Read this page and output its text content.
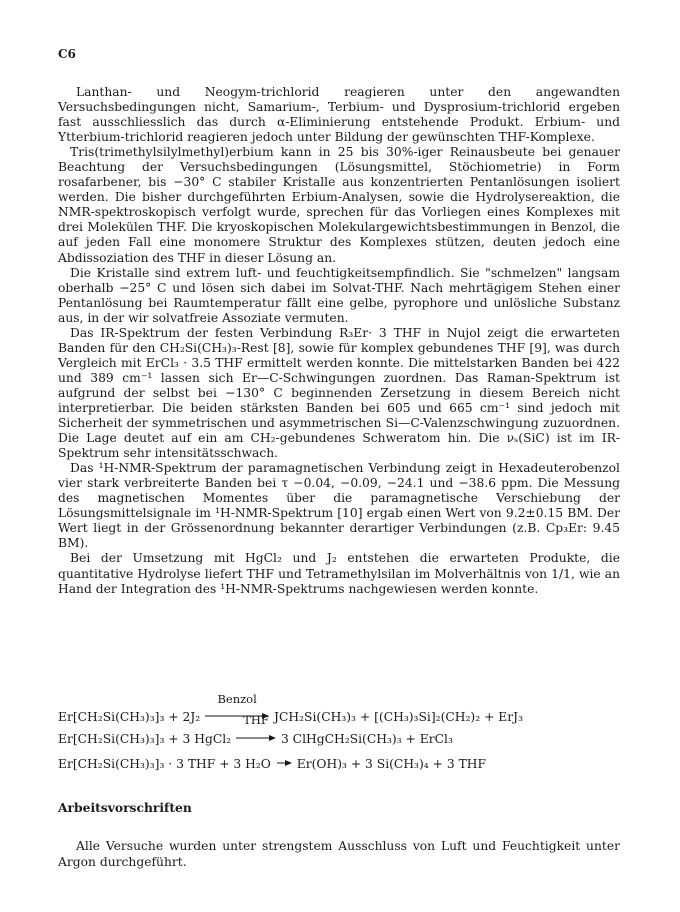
C6

Lanthan- und Neogym-trichlorid reagieren unter den angewandten Versuchsbedingungen nicht, Samarium-, Terbium- und Dysprosium-trichlorid ergeben fast ausschliesslich das durch α-Eliminierung entstehende Produkt. Erbium- und Ytterbium-trichlorid reagieren jedoch unter Bildung der gewünschten THF-Komplexe.

Tris(trimethylsilylmethyl)erbium kann in 25 bis 30%-iger Reinausbeute bei genauer Beachtung der Versuchsbedingungen (Lösungsmittel, Stöchiometrie) in Form rosafarbener, bis −30° C stabiler Kristalle aus konzentrierten Pentanlösungen isoliert werden. Die bisher durchgeführten Erbium-Analysen, sowie die Hydrolysereaktion, die NMR-spektroskopisch verfolgt wurde, sprechen für das Vorliegen eines Komplexes mit drei Molekülen THF. Die kryoskopischen Molekulargewichtsbestimmungen in Benzol, die auf jeden Fall eine monomere Struktur des Komplexes stützen, deuten jedoch eine Abdissoziation des THF in dieser Lösung an.

Die Kristalle sind extrem luft- und feuchtigkeitsempfindlich. Sie "schmelzen" langsam oberhalb −25° C und lösen sich dabei im Solvat-THF. Nach mehrtägigem Stehen einer Pentanlösung bei Raumtemperatur fällt eine gelbe, pyrophore und unlösliche Substanz aus, in der wir solvatfreie Assoziate vermuten.

Das IR-Spektrum der festen Verbindung R₃Er· 3 THF in Nujol zeigt die erwarteten Banden für den CH₂Si(CH₃)₃-Rest [8], sowie für komplex gebundenes THF [9], was durch Vergleich mit ErCl₃ · 3.5 THF ermittelt werden konnte. Die mittelstarken Banden bei 422 und 389 cm⁻¹ lassen sich Er—C-Schwingungen zuordnen. Das Raman-Spektrum ist aufgrund der selbst bei −130° C beginnenden Zersetzung in diesem Bereich nicht interpretierbar. Die beiden stärksten Banden bei 605 und 665 cm⁻¹ sind jedoch mit Sicherheit der symmetrischen und asymmetrischen Si—C-Valenzschwingung zuzuordnen. Die Lage deutet auf ein am CH₂-gebundenes Schweratom hin. Die νₛ(SiC) ist im IR-Spektrum sehr intensitätsschwach.

Das ¹H-NMR-Spektrum der paramagnetischen Verbindung zeigt in Hexadeuterobenzol vier stark verbreiterte Banden bei τ −0.04, −0.09, −24.1 und −38.6 ppm. Die Messung des magnetischen Momentes über die paramagnetische Verschiebung der Lösungsmittelsignale im ¹H-NMR-Spektrum [10] ergab einen Wert von 9.2±0.15 BM. Der Wert liegt in der Grössenordnung bekannter derartiger Verbindungen (z.B. Cp₃Er: 9.45 BM).

Bei der Umsetzung mit HgCl₂ und J₂ entstehen die erwarteten Produkte, die quantitative Hydrolyse liefert THF und Tetramethylsilan im Molverhältnis von 1/1, wie an Hand der Integration des ¹H-NMR-Spektrums nachgewiesen werden konnte.

Er[CH₂Si(CH₃)₃]₃ + 2J₂
Benzol
JCH₂Si(CH₃)₃ + [(CH₃)₃Si]₂(CH₂)₂ + ErJ₃
Er[CH₂Si(CH₃)₃]₃ + 3 HgCl₂
THF
3 ClHgCH₂Si(CH₃)₃ + ErCl₃
Er[CH₂Si(CH₃)₃]₃ · 3 THF + 3 H₂O → Er(OH)₃ + 3 Si(CH₃)₄ + 3 THF
Arbeitsvorschriften

Alle Versuche wurden unter strengstem Ausschluss von Luft und Feuchtigkeit unter Argon durchgeführt.
